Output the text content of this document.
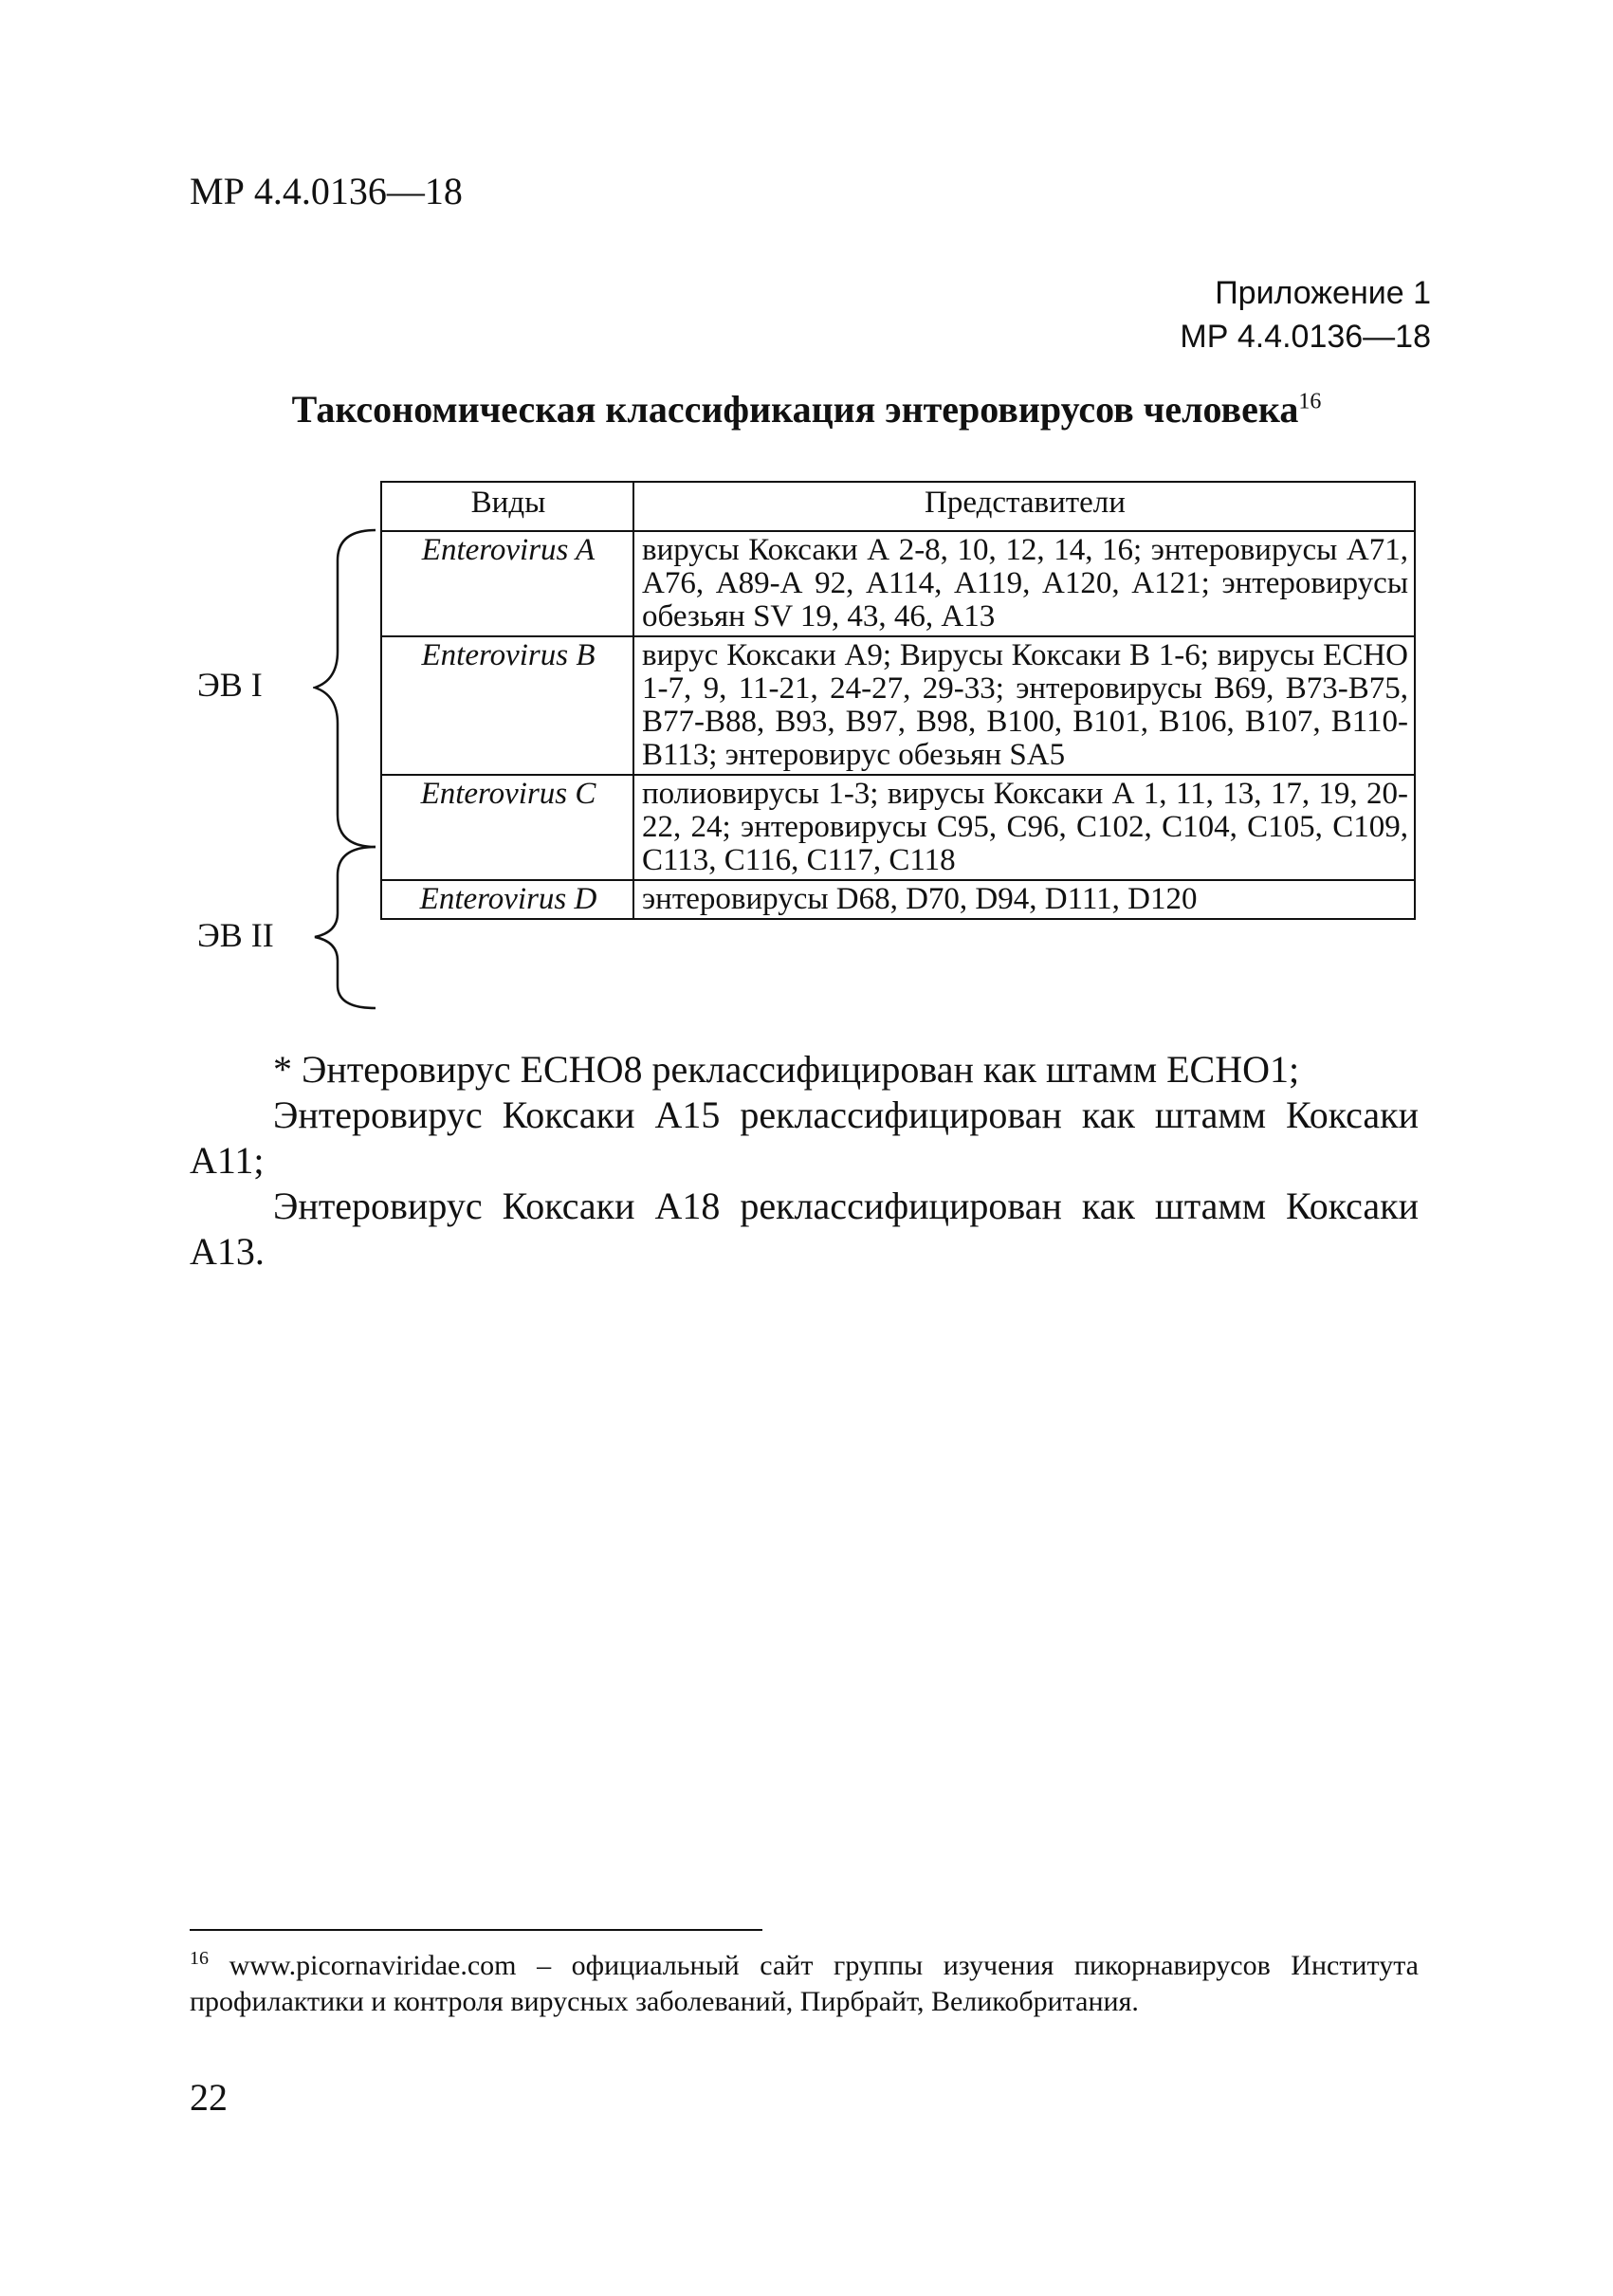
МР 4.4.0136—18
Приложение 1
МР 4.4.0136—18
Таксономическая классификация энтеровирусов человека$^{16}$
ЭВ I
ЭВ II
Виды	Представители
Enterovirus A	вирусы Коксаки А 2-8, 10, 12, 14, 16; энтеровирусы А71, А76, А89-А 92, А114, А119, А120, А121; энтеровирусы обезьян SV 19, 43, 46, А13
Enterovirus B	вирус Коксаки А9; Вирусы Коксаки В 1-6; вирусы ЕСНО 1-7, 9, 11-21, 24-27, 29-33; энтеровирусы В69, В73-В75, В77-В88, В93, В97, В98, В100, В101, В106, В107, В110-В113; энтеровирус обезьян SA5
Enterovirus C	полиовирусы 1-3; вирусы Коксаки А 1, 11, 13, 17, 19, 20-22, 24; энтеровирусы С95, С96, С102, С104, С105, С109, С113, С116, С117, С118
Enterovirus D	энтеровирусы D68, D70, D94, D111, D120

* Энтеровирус ЕСНО8 реклассифицирован как штамм ЕСНО1;

Энтеровирус Коксаки А15 реклассифицирован как штамм Коксаки А11;

Энтеровирус Коксаки А18 реклассифицирован как штамм Коксаки А13.

$^{16}$ www.picornaviridae.com – официальный сайт группы изучения пикорнавирусов Института профилактики и контроля вирусных заболеваний, Пирбрайт, Великобритания.
22
